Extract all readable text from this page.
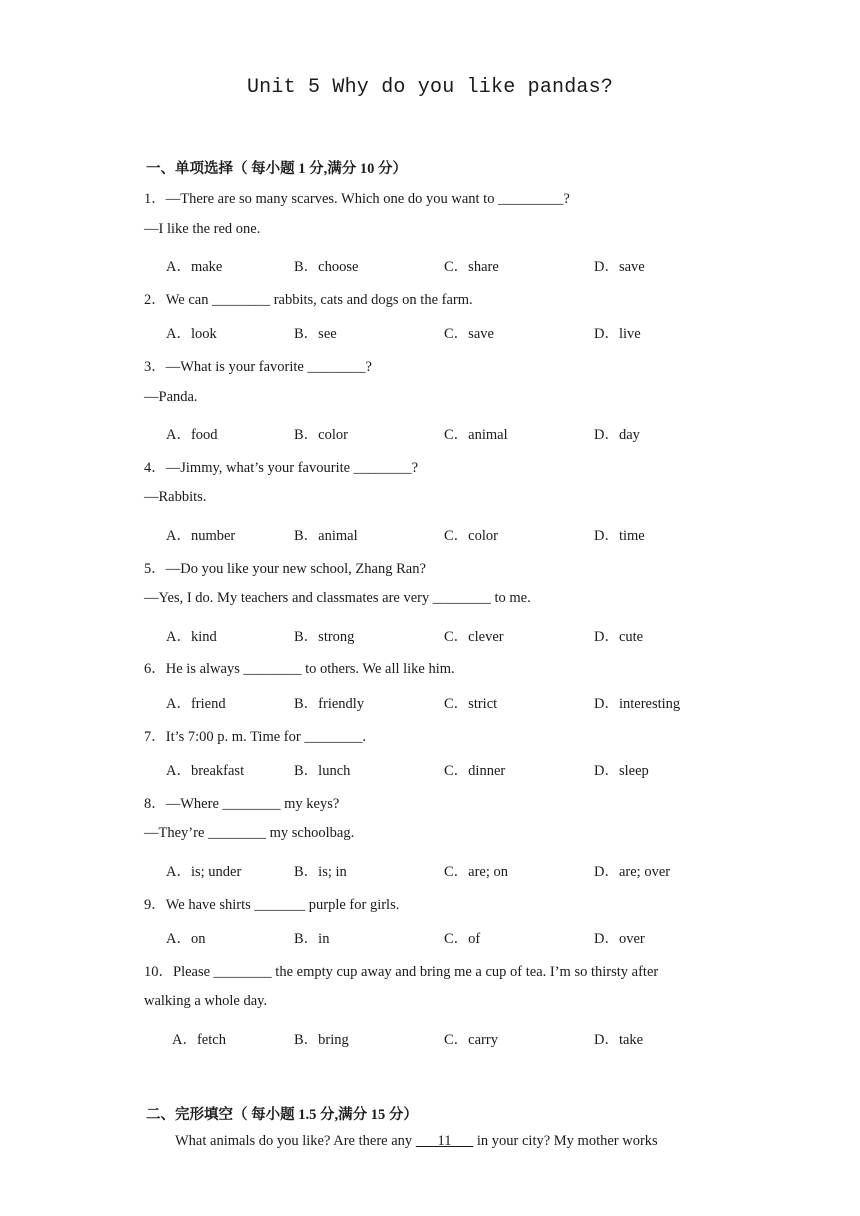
Unit 5 Why do you like pandas?
一、单项选择（ 每小题 1 分,满分 10 分）
1．—There are so many scarves. Which one do you want to _________?
—I like the red one.
A．make	B．choose	C．share	D．save
2．We can ________ rabbits, cats and dogs on the farm.
A．look	B．see	C．save	D．live
3．—What is your favorite ________?
—Panda.
A．food	B．color	C．animal	D．day
4．—Jimmy, what’s your favourite ________?
—Rabbits.
A．number	B．animal	C．color	D．time
5．—Do you like your new school, Zhang Ran?
—Yes, I do. My teachers and classmates are very ________ to me.
A．kind	B．strong	C．clever	D．cute
6．He is always ________ to others. We all like him.
A．friend	B．friendly	C．strict	D．interesting
7．It’s 7:00 p. m. Time for ________.
A．breakfast	B．lunch	C．dinner	D．sleep
8．—Where ________ my keys?
—They’re ________ my schoolbag.
A．is; under	B．is; in	C．are; on	D．are; over
9．We have shirts _______ purple for girls.
A．on	B．in	C．of	D．over
10．Please ________ the empty cup away and bring me a cup of tea. I’m so thirsty after
walking a whole day.
A．fetch	B．bring	C．carry	D．take
二、完形填空（ 每小题 1.5 分,满分 15 分）
What animals do you like? Are there any       11       in your city? My mother works
